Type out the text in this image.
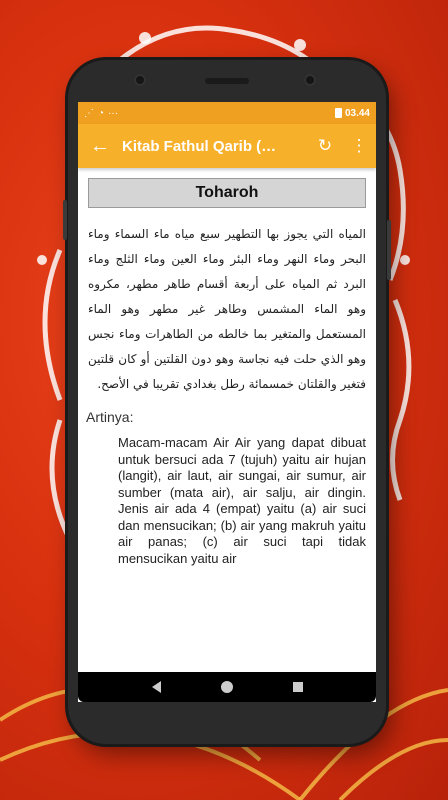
⋰ ◔ ···	03.44
← Kitab Fathul Qarib (…	↻	⋮
Toharoh
المياه التي يجوز بها التطهير سبع مياه ماء السماء وماء البحر وماء النهر وماء البئر وماء العين وماء الثلج وماء البرد ثم المياه على أربعة أقسام طاهر مطهر، مكروه وهو الماء المشمس وطاهر غير مطهر وهو الماء المستعمل والمتغير بما خالطه من الطاهرات وماء نجس وهو الذي حلت فيه نجاسة وهو دون القلتين أو كان قلتين فتغير والقلتان خمسمائة رطل بغدادي تقريبا في الأصح.
Artinya:
Macam-macam Air Air yang dapat dibuat untuk bersuci ada 7 (tujuh) yaitu air hujan (langit), air laut, air sungai, air sumur, air sumber (mata air), air salju, air dingin. Jenis air ada 4 (empat) yaitu (a) air suci dan mensucikan; (b) air yang makruh yaitu air panas; (c) air suci tapi tidak mensucikan yaitu air
